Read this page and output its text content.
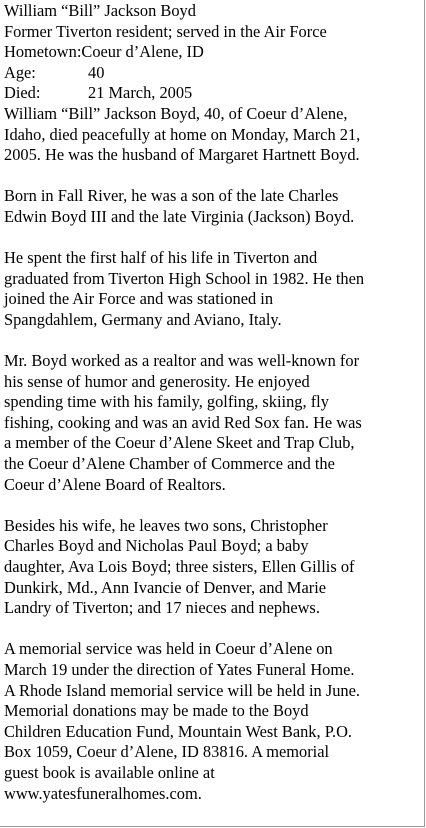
William “Bill” Jackson Boyd
Former Tiverton resident; served in the Air Force
Hometown:Coeur d’Alene, ID
Age:	40
Died:	21 March, 2005
William “Bill” Jackson Boyd, 40, of Coeur d’Alene,
Idaho, died peacefully at home on Monday, March 21,
2005. He was the husband of Margaret Hartnett Boyd.
Born in Fall River, he was a son of the late Charles
Edwin Boyd III and the late Virginia (Jackson) Boyd.
He spent the first half of his life in Tiverton and
graduated from Tiverton High School in 1982. He then
joined the Air Force and was stationed in
Spangdahlem, Germany and Aviano, Italy.
Mr. Boyd worked as a realtor and was well-known for
his sense of humor and generosity. He enjoyed
spending time with his family, golfing, skiing, fly
fishing, cooking and was an avid Red Sox fan. He was
a member of the Coeur d’Alene Skeet and Trap Club,
the Coeur d’Alene Chamber of Commerce and the
Coeur d’Alene Board of Realtors.
Besides his wife, he leaves two sons, Christopher
Charles Boyd and Nicholas Paul Boyd; a baby
daughter, Ava Lois Boyd; three sisters, Ellen Gillis of
Dunkirk, Md., Ann Ivancie of Denver, and Marie
Landry of Tiverton; and 17 nieces and nephews.
A memorial service was held in Coeur d’Alene on
March 19 under the direction of Yates Funeral Home.
A Rhode Island memorial service will be held in June.
Memorial donations may be made to the Boyd
Children Education Fund, Mountain West Bank, P.O.
Box 1059, Coeur d’Alene, ID 83816. A memorial
guest book is available online at
www.yatesfuneralhomes.com.
